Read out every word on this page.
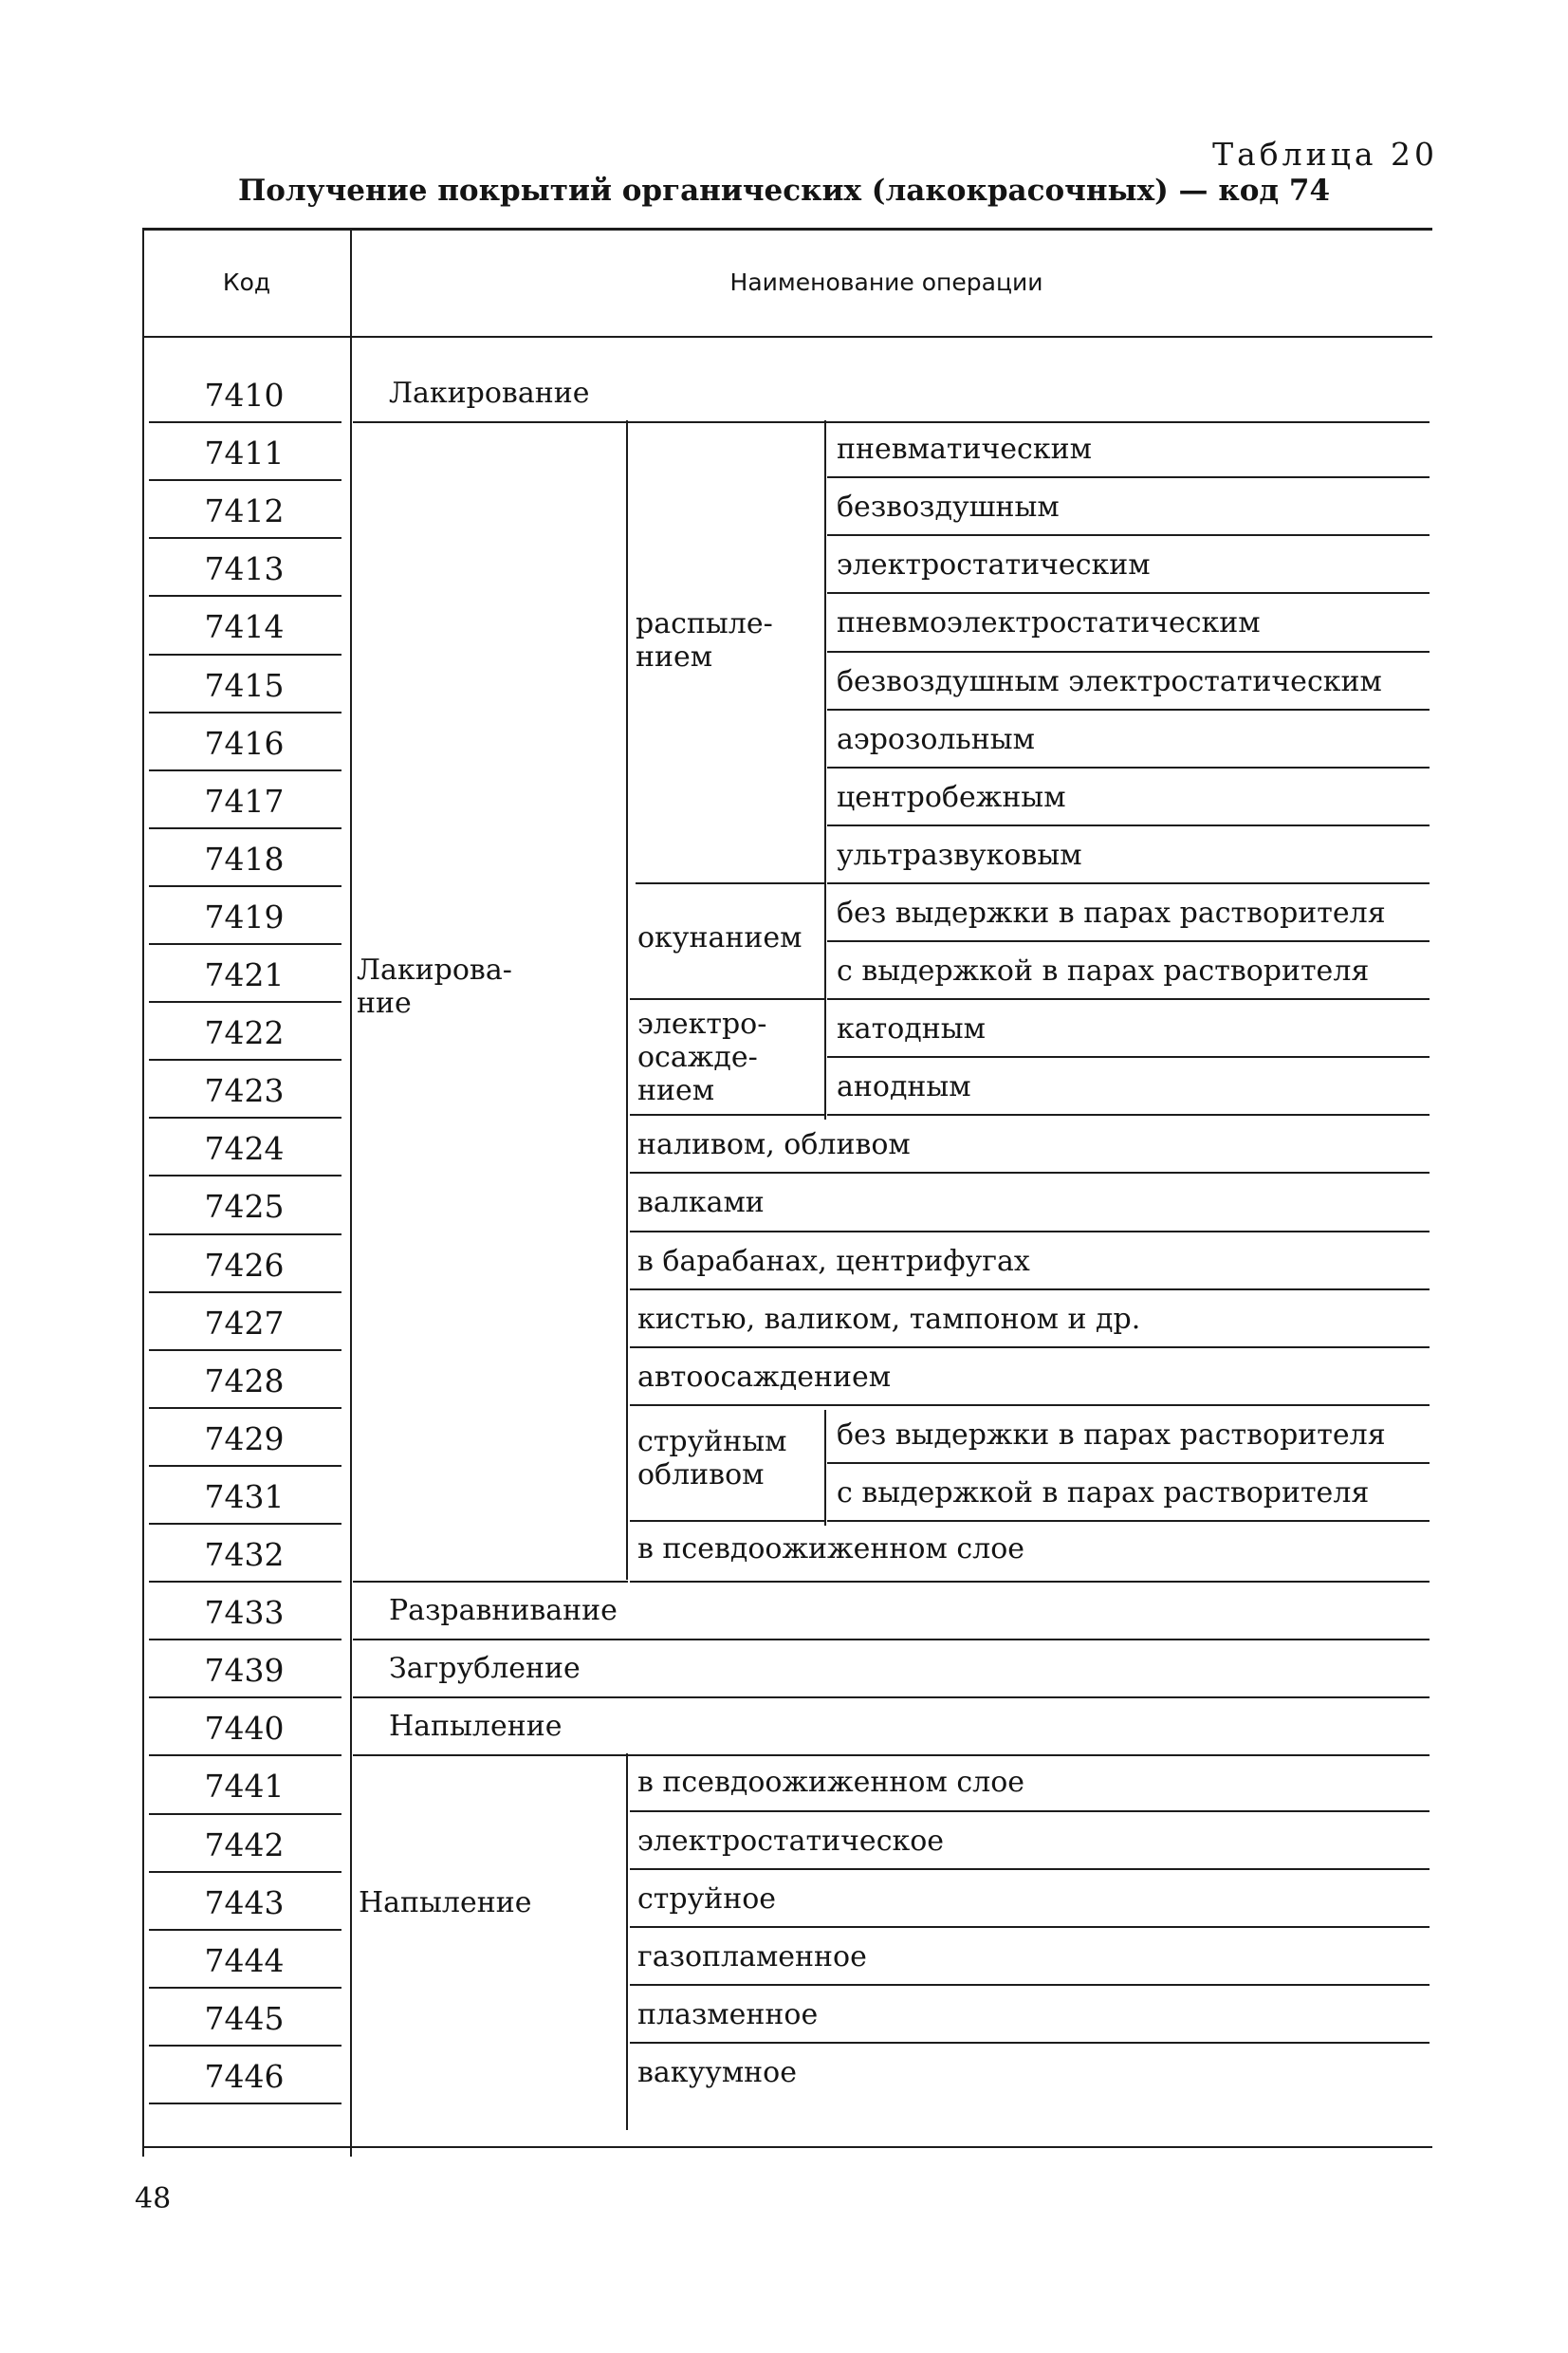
Таблица 20
Получение покрытий органических (лакокрасочных) — код 74
Код	Наименование операции
7410
7411
7412
7413
7414
7415
7416
7417
7418
7419
7421
7422
7423
7424
7425
7426
7427
7428
7429
7431
7432
7433
7439
7440
7441
7442
7443
7444
7445
7446
Лакирование
Разравнивание
Загрубление
Напыление
Лакирова-
ние
распыле-
нием
пневматическим
безвоздушным
электростатическим
пневмоэлектростатическим
безвоздушным электростатическим
аэрозольным
центробежным
ультразвуковым
окунанием
без выдержки в парах растворителя
с выдержкой в парах растворителя
электро-
осаждe-
нием
катодным
анодным
наливом, обливом
валками
в барабанах, центрифугах
кистью, валиком, тампоном и др.
автоосаждением
струйным
обливом
без выдержки в парах растворителя
с выдержкой в парах растворителя
в псевдоожиженном слое
Напыление
в псевдоожиженном слое
электростатическое
струйное
газопламенное
плазменное
вакуумное
48
